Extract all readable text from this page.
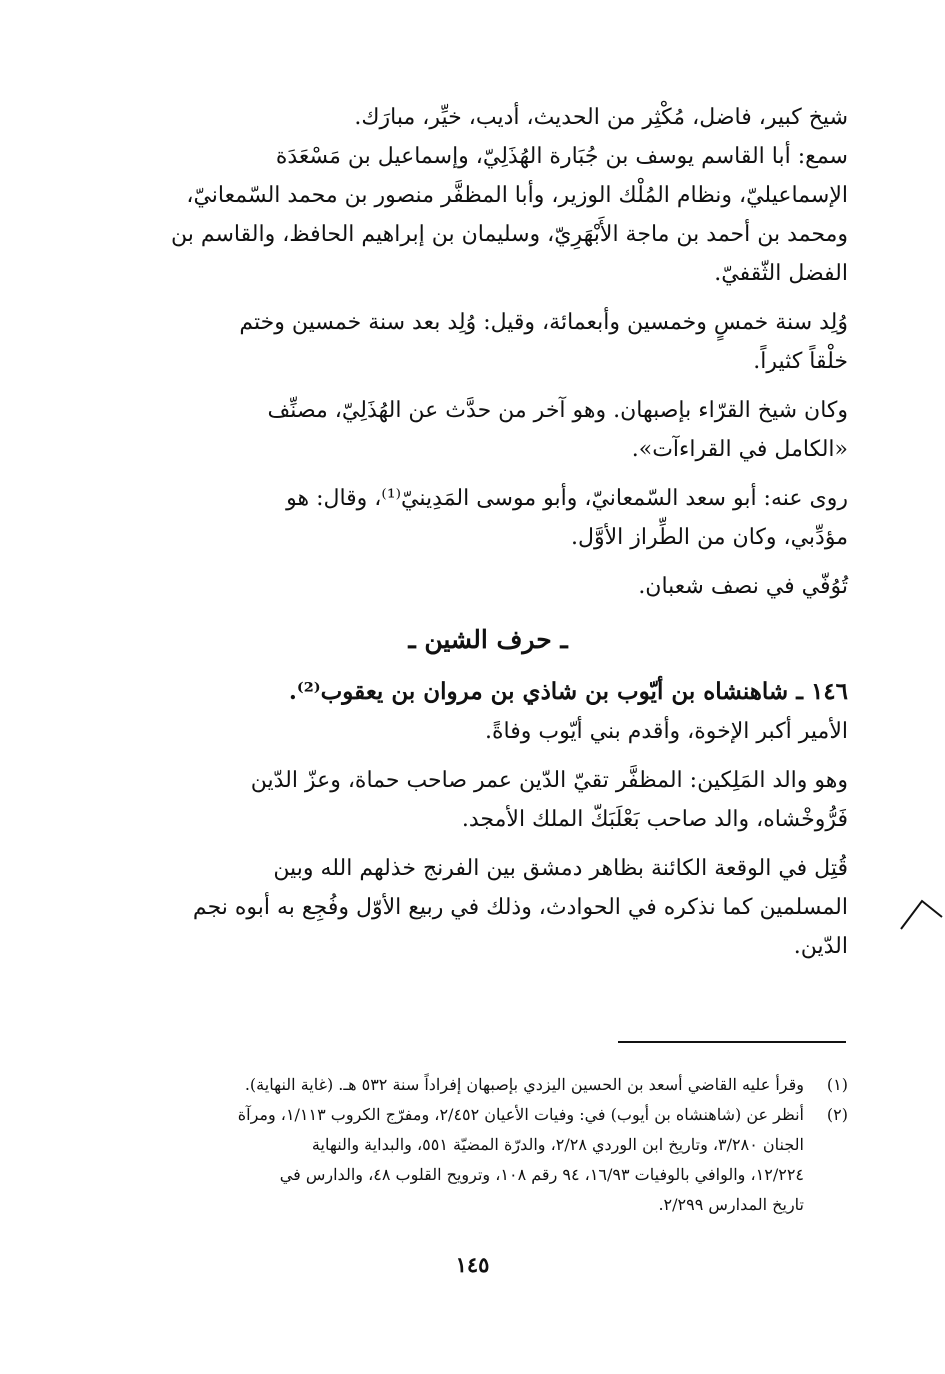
شيخ كبير، فاضل، مُكْثِر من الحديث، أديب، خيِّر، مبارَك.
سمع: أبا القاسم يوسف بن جُبَارة الهُذَلِيّ، وإسماعيل بن مَسْعَدَة
الإسماعيليّ، ونظام المُلْك الوزير، وأبا المظفَّر منصور بن محمد السّمعانيّ،
ومحمد بن أحمد بن ماجة الأَبْهَرِيّ، وسليمان بن إبراهيم الحافظ، والقاسم بن
الفضل الثّقفيّ.

وُلِد سنة خمسٍ وخمسين وأبعمائة، وقيل: وُلِد بعد سنة خمسين وختم
خلْقاً كثيراً.

وكان شيخ القرّاء بإصبهان. وهو آخر من حدَّث عن الهُذَلِيّ، مصنِّف
«الكامل في القراءآت».

روى عنه: أبو سعد السّمعانيّ، وأبو موسى المَدِينيّ⁽¹⁾، وقال: هو
مؤدِّبي، وكان من الطِّراز الأوَّل.

تُوُفّي في نصف شعبان.

ـ حرف الشين ـ

١٤٦ ـ شاهنشاه بن أيّوب بن شاذي بن مروان بن يعقوب⁽²⁾.

الأمير أكبر الإخوة، وأقدم بني أيّوب وفاةً.

وهو والد المَلِكين: المظفَّر تقيّ الدّين عمر صاحب حماة، وعزّ الدّين
فَرُّوخْشاه، والد صاحب بَعْلَبَكّ الملك الأمجد.

قُتِل في الوقعة الكائنة بظاهر دمشق بين الفرنج خذلهم الله وبين
المسلمين كما نذكره في الحوادث، وذلك في ربيع الأوّل وفُجِع به أبوه نجم
الدّين.

(١)
وقرأ عليه القاضي أسعد بن الحسين اليزدي بإصبهان إفراداً سنة ٥٣٢ هـ. (غاية النهاية).
(٢)
أنظر عن (شاهنشاه بن أيوب) في: وفيات الأعيان ٢/٤٥٢، ومفرّج الكروب ١/١١٣، ومرآة
الجنان ٣/٢٨٠، وتاريخ ابن الوردي ٢/٢٨، والدرّة المضيّة ٥٥١، والبداية والنهاية
١٢/٢٢٤، والوافي بالوفيات ١٦/٩٣، ٩٤ رقم ١٠٨، وترويح القلوب ٤٨، والدارس في
تاريخ المدارس ٢/٢٩٩.
١٤٥
